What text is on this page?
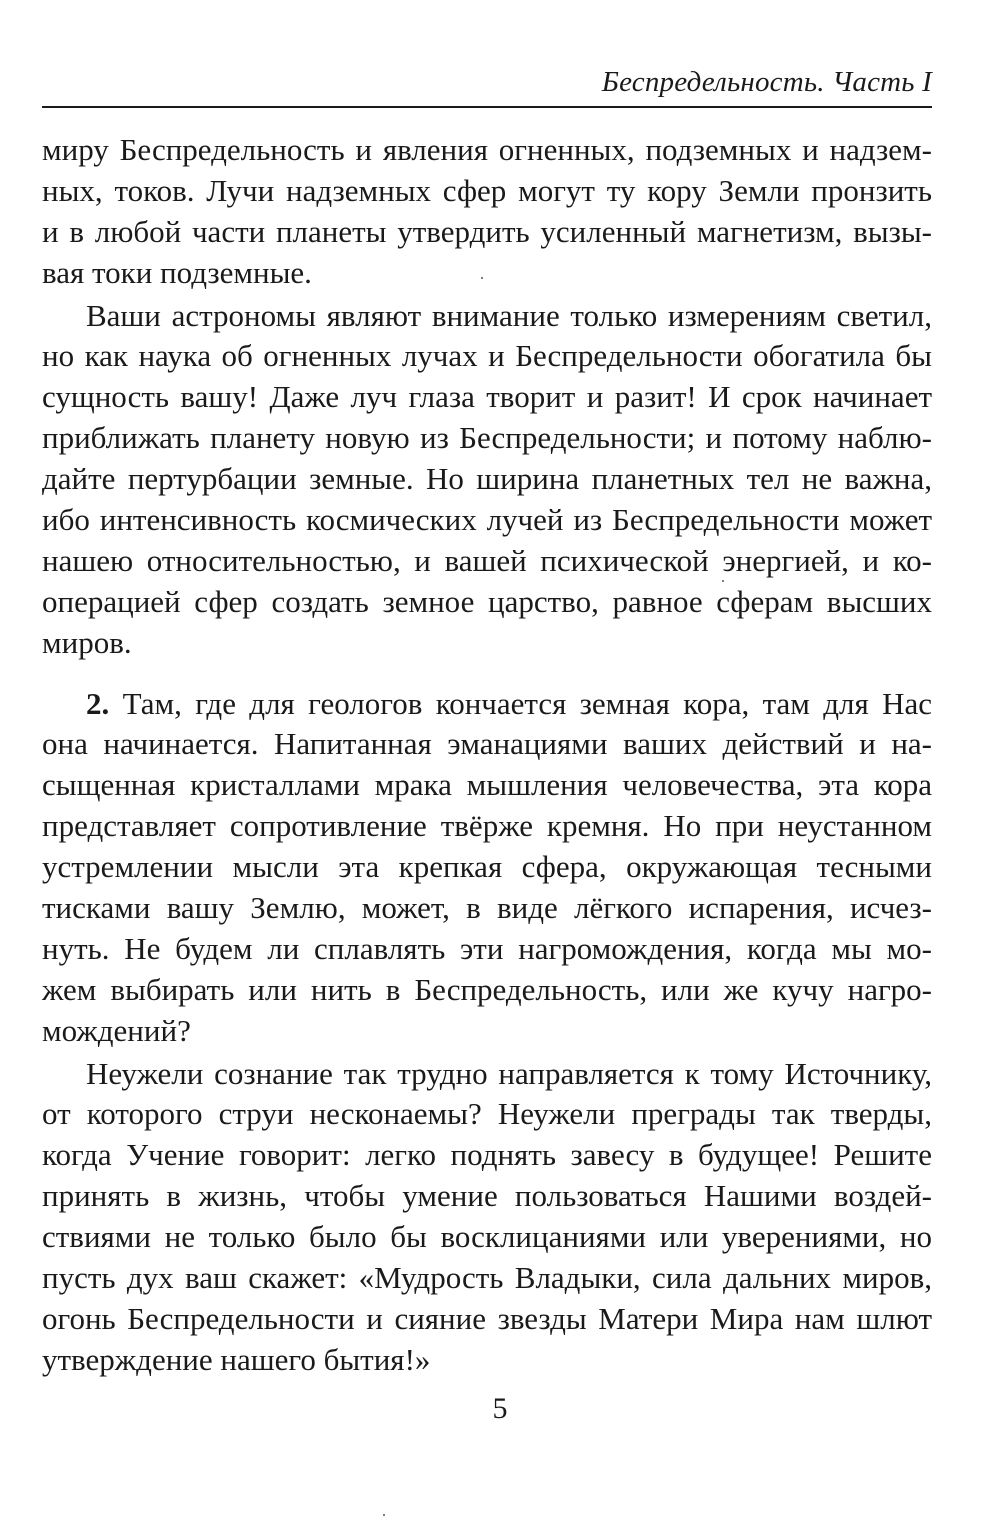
Беспредельность. Часть I
миру Беспредельность и явления огненных, подземных и надзем-
ных, токов. Лучи надземных сфер могут ту кору Земли пронзить
и в любой части планеты утвердить усиленный магнетизм, вызы-
вая токи подземные.
Ваши астрономы являют внимание только измерениям светил,
но как наука об огненных лучах и Беспредельности обогатила бы
сущность вашу! Даже луч глаза творит и разит! И срок начинает
приближать планету новую из Беспредельности; и потому наблю-
дайте пертурбации земные. Но ширина планетных тел не важна,
ибо интенсивность космических лучей из Беспредельности может
нашею относительностью, и вашей психической энергией, и ко-
операцией сфер создать земное царство, равное сферам высших
миров.
2. Там, где для геологов кончается земная кора, там для Нас
она начинается. Напитанная эманациями ваших действий и на-
сыщенная кристаллами мрака мышления человечества, эта кора
представляет сопротивление твёрже кремня. Но при неустанном
устремлении мысли эта крепкая сфера, окружающая тесными
тисками вашу Землю, может, в виде лёгкого испарения, исчез-
нуть. Не будем ли сплавлять эти нагромождения, когда мы мо-
жем выбирать или нить в Беспредельность, или же кучу нагро-
мождений?
Неужели сознание так трудно направляется к тому Источнику,
от которого струи несконаемы? Неужели преграды так тверды,
когда Учение говорит: легко поднять завесу в будущее! Решите
принять в жизнь, чтобы умение пользоваться Нашими воздей-
ствиями не только было бы восклицаниями или уверениями, но
пусть дух ваш скажет: «Мудрость Владыки, сила дальних миров,
огонь Беспредельности и сияние звезды Матери Мира нам шлют
утверждение нашего бытия!»
5
